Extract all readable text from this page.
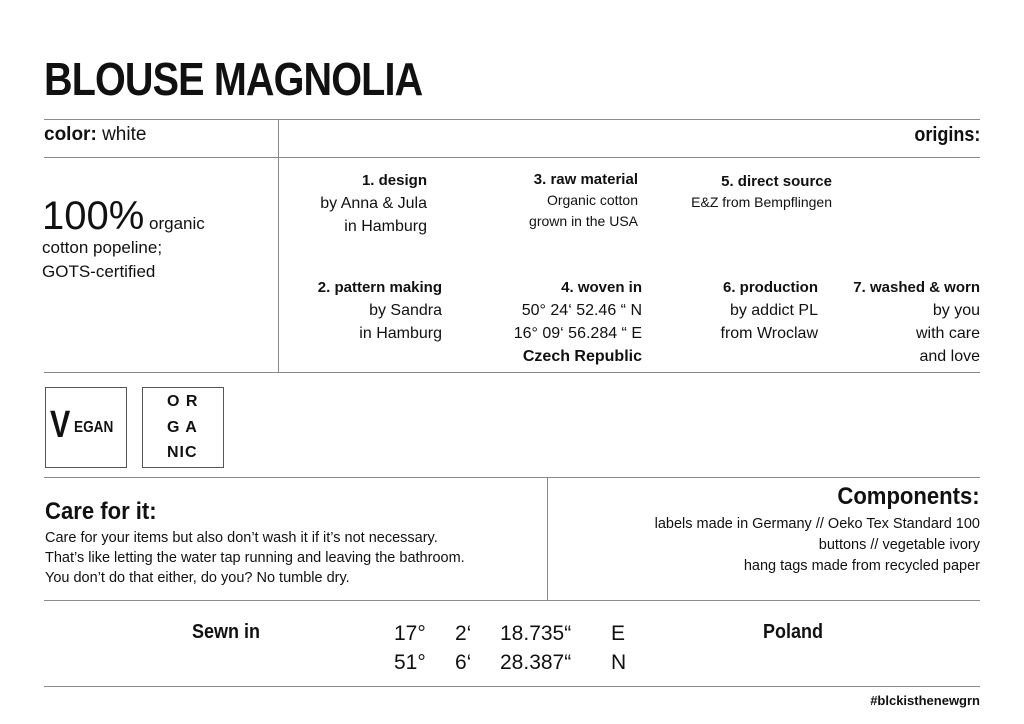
BLOUSE MAGNOLIA
color: white	origins:
100% organic
cotton popeline;
GOTS-certified
1. design
by Anna & Jula
in Hamburg
2. pattern making
by Sandra
in Hamburg
3. raw material
Organic cotton
grown in the USA
4. woven in
50° 24‘ 52.46 “ N
16° 09‘ 56.284 “ E
Czech Republic
5. direct source
E&Z from Bempflingen
6. production
by addict PL
from Wroclaw
7. washed & worn
by you
with care
and love
V EGAN
O R
G A
NIC
Care for it:
Care for your items but also don’t wash it if it’s not necessary.
That’s like letting the water tap running and leaving the bathroom.
You don’t do that either, do you? No tumble dry.
Components:
labels made in Germany // Oeko Tex Standard 100
buttons // vegetable ivory
hang tags made from recycled paper
Sewn in	17° 2‘ 18.735“ E
51° 6‘ 28.387“ N
Poland
#blckisthenewgrn
